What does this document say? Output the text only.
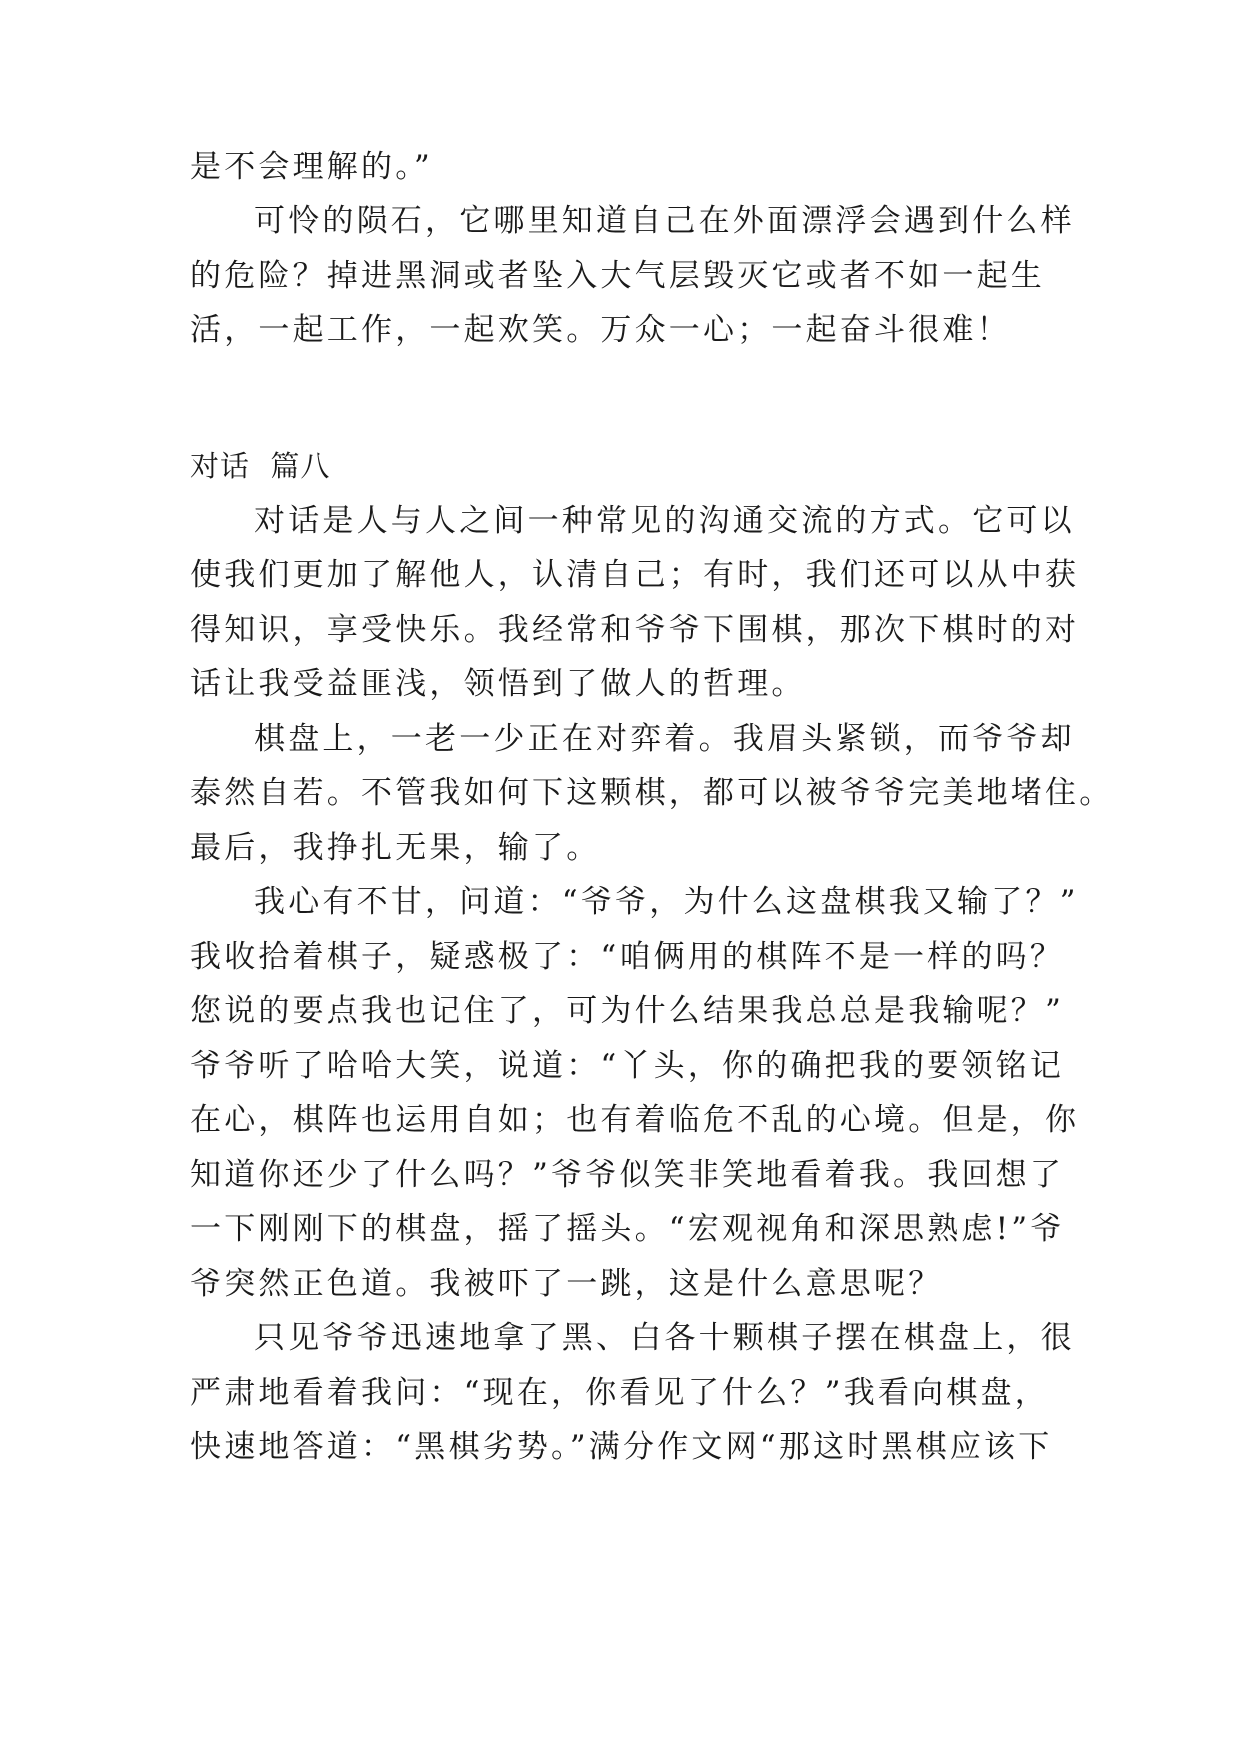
是不会理解的。”
可怜的陨石，它哪里知道自己在外面漂浮会遇到什么样
的危险？掉进黑洞或者坠入大气层毁灭它或者不如一起生
活，一起工作，一起欢笑。万众一心；一起奋斗很难！
对话  篇八
对话是人与人之间一种常见的沟通交流的方式。它可以
使我们更加了解他人，认清自己；有时，我们还可以从中获
得知识，享受快乐。我经常和爷爷下围棋，那次下棋时的对
话让我受益匪浅，领悟到了做人的哲理。
棋盘上，一老一少正在对弈着。我眉头紧锁，而爷爷却
泰然自若。不管我如何下这颗棋，都可以被爷爷完美地堵住。
最后，我挣扎无果，输了。
我心有不甘，问道：“爷爷，为什么这盘棋我又输了？”
我收拾着棋子，疑惑极了：“咱俩用的棋阵不是一样的吗？
您说的要点我也记住了，可为什么结果我总总是我输呢？”
爷爷听了哈哈大笑，说道：“丫头，你的确把我的要领铭记
在心，棋阵也运用自如；也有着临危不乱的心境。但是，你
知道你还少了什么吗？”爷爷似笑非笑地看着我。我回想了
一下刚刚下的棋盘，摇了摇头。“宏观视角和深思熟虑!”爷
爷突然正色道。我被吓了一跳，这是什么意思呢？
只见爷爷迅速地拿了黑、白各十颗棋子摆在棋盘上，很
严肃地看着我问：“现在，你看见了什么？”我看向棋盘，
快速地答道：“黑棋劣势。”满分作文网“那这时黑棋应该下
